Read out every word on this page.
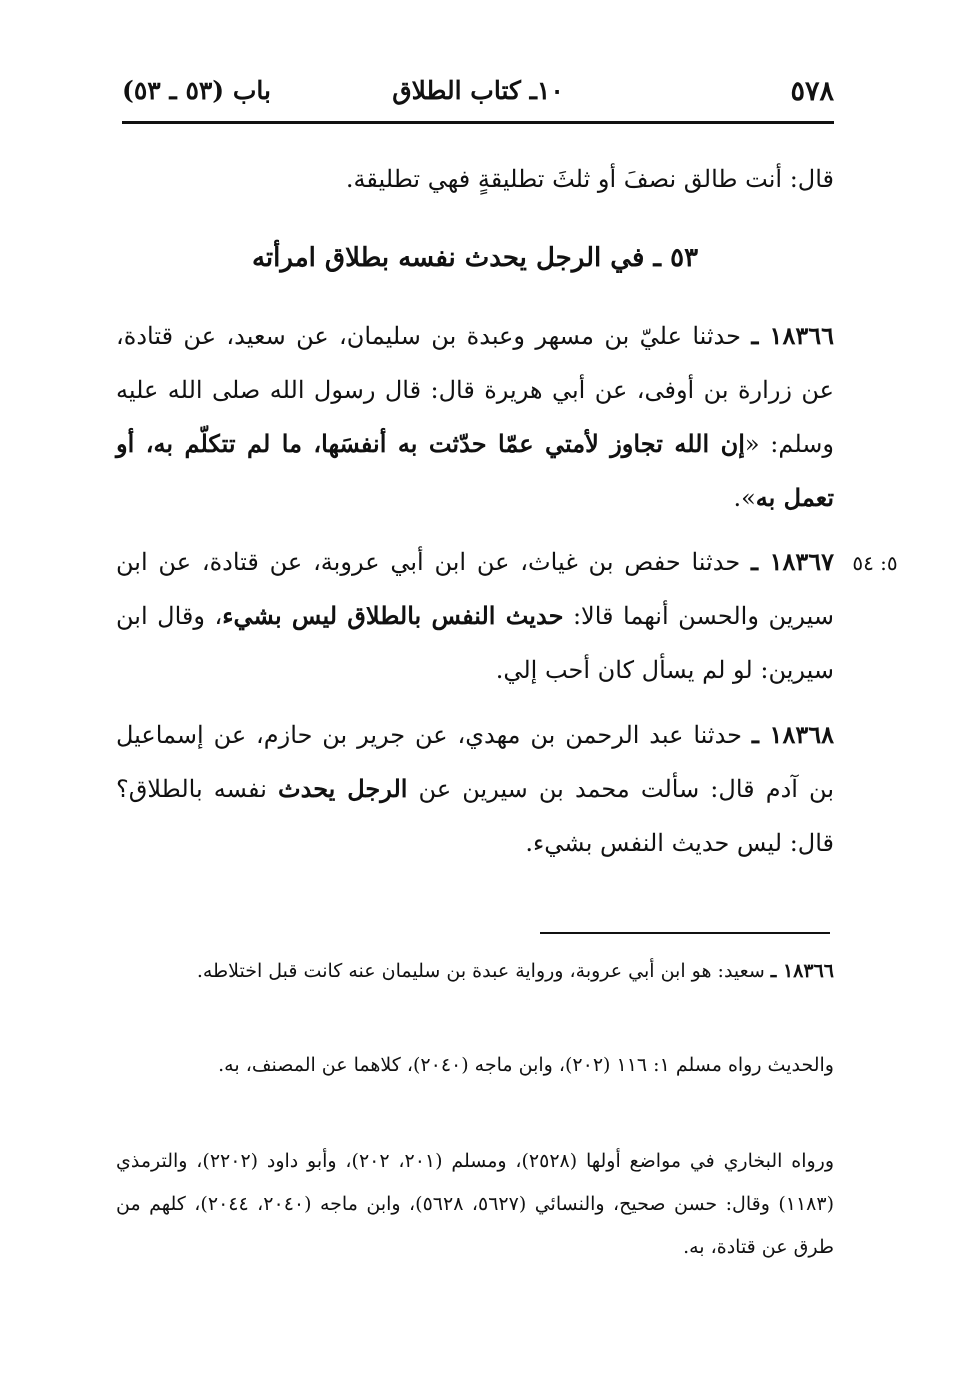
٥٧٨
١٠ـ كتاب الطلاق
باب (٥٣ ـ ٥٣)
قال: أنت طالق نصفَ أو ثلثَ تطليقةٍ فهي تطليقة.
٥٣ ـ في الرجل يحدث نفسه بطلاق امرأته
١٨٣٦٦ ـ حدثنا عليّ بن مسهر وعبدة بن سليمان، عن سعيد، عن قتادة، عن زرارة بن أوفى، عن أبي هريرة قال: قال رسول الله صلى الله عليه وسلم: «إن الله تجاوز لأمتي عمّا حدّثت به أنفسَها، ما لم تتكلّم به، أو تعمل به».
٥: ٥٤
١٨٣٦٧ ـ حدثنا حفص بن غياث، عن ابن أبي عروبة، عن قتادة، عن ابن سيرين والحسن أنهما قالا: حديث النفس بالطلاق ليس بشيء، وقال ابن سيرين: لو لم يسأل كان أحب إلي.
١٨٣٦٨ ـ حدثنا عبد الرحمن بن مهدي، عن جرير بن حازم، عن إسماعيل بن آدم قال: سألت محمد بن سيرين عن الرجل يحدث نفسه بالطلاق؟ قال: ليس حديث النفس بشيء.
١٨٣٦٦ ـ سعيد: هو ابن أبي عروبة، ورواية عبدة بن سليمان عنه كانت قبل اختلاطه.
والحديث رواه مسلم ١: ١١٦ (٢٠٢)، وابن ماجه (٢٠٤٠)، كلاهما عن المصنف، به.
ورواه البخاري في مواضع أولها (٢٥٢٨)، ومسلم (٢٠١، ٢٠٢)، وأبو داود (٢٢٠٢)، والترمذي (١١٨٣) وقال: حسن صحيح، والنسائي (٥٦٢٧، ٥٦٢٨)، وابن ماجه (٢٠٤٠، ٢٠٤٤)، كلهم من طرق عن قتادة، به.
